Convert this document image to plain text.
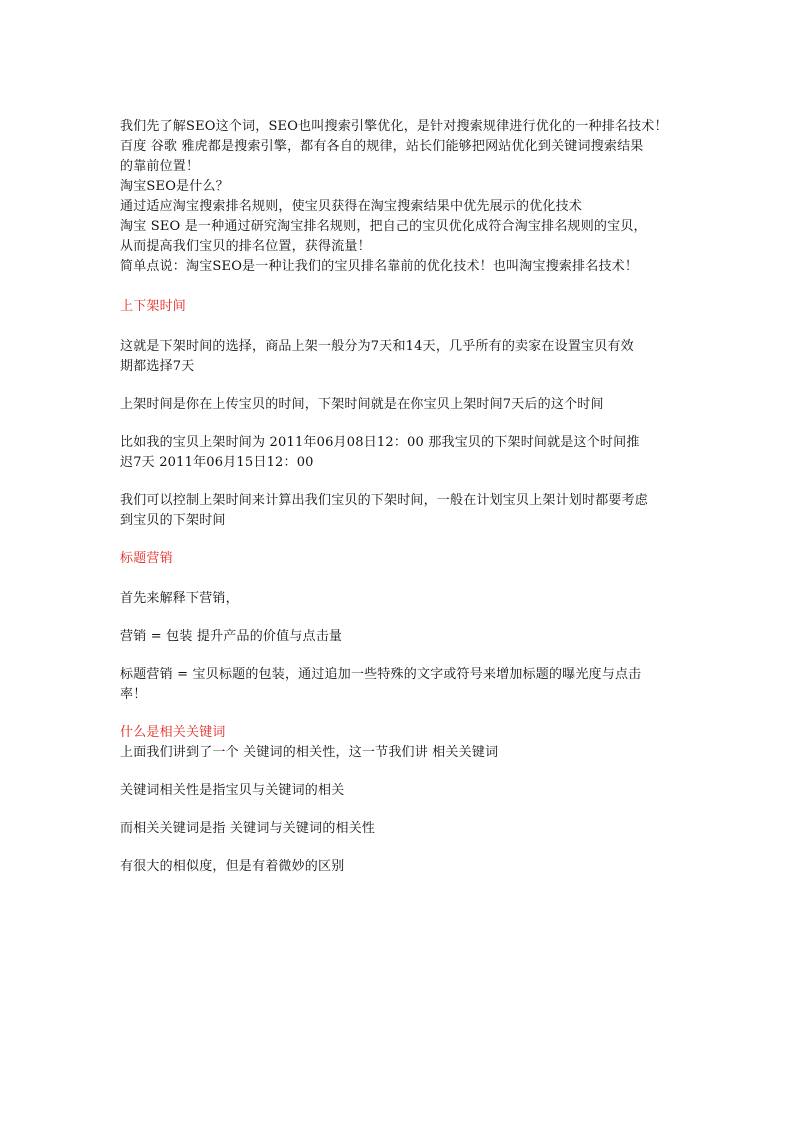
我们先了解SEO这个词，SEO也叫搜索引擎优化，是针对搜索规律进行优化的一种排名技术！
百度 谷歌 雅虎都是搜索引擎，都有各自的规律，站长们能够把网站优化到关键词搜索结果
的靠前位置！
淘宝SEO是什么？
通过适应淘宝搜索排名规则，使宝贝获得在淘宝搜索结果中优先展示的优化技术
淘宝 SEO 是一种通过研究淘宝排名规则，把自己的宝贝优化成符合淘宝排名规则的宝贝，
从而提高我们宝贝的排名位置，获得流量！
简单点说：淘宝SEO是一种让我们的宝贝排名靠前的优化技术！也叫淘宝搜索排名技术！
上下架时间
这就是下架时间的选择，商品上架一般分为7天和14天，几乎所有的卖家在设置宝贝有效
期都选择7天
上架时间是你在上传宝贝的时间，下架时间就是在你宝贝上架时间7天后的这个时间
比如我的宝贝上架时间为 2011年06月08日12：00 那我宝贝的下架时间就是这个时间推
迟7天 2011年06月15日12：00
我们可以控制上架时间来计算出我们宝贝的下架时间，一般在计划宝贝上架计划时都要考虑
到宝贝的下架时间
标题营销
首先来解释下营销，
营销 = 包装 提升产品的价值与点击量
标题营销 = 宝贝标题的包装，通过追加一些特殊的文字或符号来增加标题的曝光度与点击
率！
什么是相关关键词
上面我们讲到了一个 关键词的相关性，这一节我们讲 相关关键词
关键词相关性是指宝贝与关键词的相关
而相关关键词是指 关键词与关键词的相关性
有很大的相似度，但是有着微妙的区别
